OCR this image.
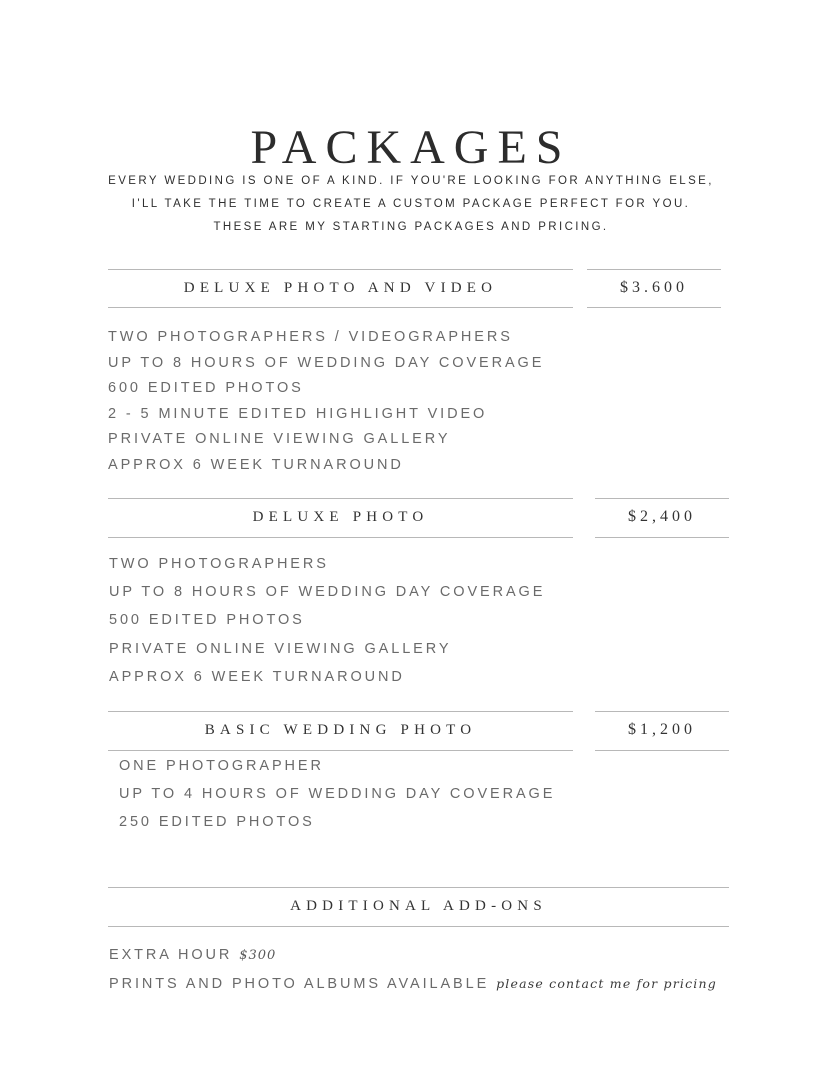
PACKAGES
EVERY WEDDING IS ONE OF A KIND. IF YOU'RE LOOKING FOR ANYTHING ELSE,
I'LL TAKE THE TIME TO CREATE A CUSTOM PACKAGE PERFECT FOR YOU.
THESE ARE MY STARTING PACKAGES AND PRICING.
DELUXE PHOTO AND VIDEO	$3.600
TWO PHOTOGRAPHERS / VIDEOGRAPHERS
UP TO 8 HOURS OF WEDDING DAY COVERAGE
600 EDITED PHOTOS
2 - 5 MINUTE EDITED HIGHLIGHT VIDEO
PRIVATE ONLINE VIEWING GALLERY
APPROX 6 WEEK TURNAROUND
DELUXE PHOTO	$2,400
TWO PHOTOGRAPHERS
UP TO 8 HOURS OF WEDDING DAY COVERAGE
500 EDITED PHOTOS
PRIVATE ONLINE VIEWING GALLERY
APPROX 6 WEEK TURNAROUND
BASIC WEDDING PHOTO	$1,200
ONE PHOTOGRAPHER
UP TO 4 HOURS OF WEDDING DAY COVERAGE
250 EDITED PHOTOS
ADDITIONAL ADD-ONS
EXTRA HOUR $300
PRINTS AND PHOTO ALBUMS AVAILABLE please contact me for pricing
